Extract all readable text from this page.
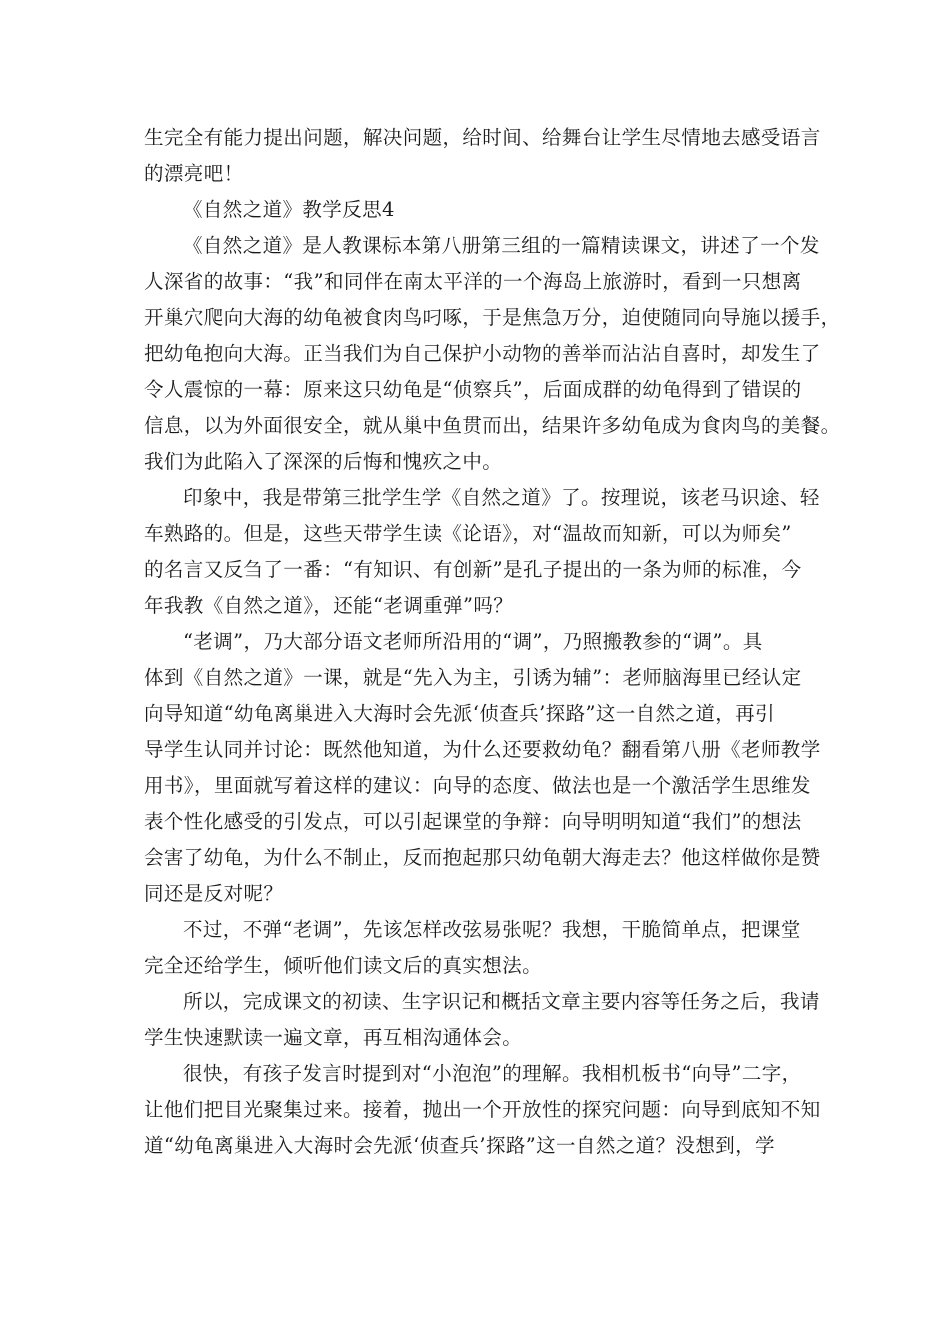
生完全有能力提出问题，解决问题，给时间、给舞台让学生尽情地去感受语言
的漂亮吧！
《自然之道》教学反思4
《自然之道》是人教课标本第八册第三组的一篇精读课文，讲述了一个发
人深省的故事：“我”和同伴在南太平洋的一个海岛上旅游时，看到一只想离
开巢穴爬向大海的幼龟被食肉鸟叼啄，于是焦急万分，迫使随同向导施以援手，
把幼龟抱向大海。正当我们为自己保护小动物的善举而沾沾自喜时，却发生了
令人震惊的一幕：原来这只幼龟是“侦察兵”，后面成群的幼龟得到了错误的
信息，以为外面很安全，就从巢中鱼贯而出，结果许多幼龟成为食肉鸟的美餐。
我们为此陷入了深深的后悔和愧疚之中。
印象中，我是带第三批学生学《自然之道》了。按理说，该老马识途、轻
车熟路的。但是，这些天带学生读《论语》，对“温故而知新，可以为师矣”
的名言又反刍了一番：“有知识、有创新”是孔子提出的一条为师的标准，今
年我教《自然之道》，还能“老调重弹”吗？
“老调”，乃大部分语文老师所沿用的“调”，乃照搬教参的“调”。具
体到《自然之道》一课，就是“先入为主，引诱为辅”：老师脑海里已经认定
向导知道“幼龟离巢进入大海时会先派‘侦查兵’探路”这一自然之道，再引
导学生认同并讨论：既然他知道，为什么还要救幼龟？翻看第八册《老师教学
用书》，里面就写着这样的建议：向导的态度、做法也是一个激活学生思维发
表个性化感受的引发点，可以引起课堂的争辩：向导明明知道“我们”的想法
会害了幼龟，为什么不制止，反而抱起那只幼龟朝大海走去？他这样做你是赞
同还是反对呢？
不过，不弹“老调”，先该怎样改弦易张呢？我想，干脆简单点，把课堂
完全还给学生，倾听他们读文后的真实想法。
所以，完成课文的初读、生字识记和概括文章主要内容等任务之后，我请
学生快速默读一遍文章，再互相沟通体会。
很快，有孩子发言时提到对“小泡泡”的理解。我相机板书“向导”二字，
让他们把目光聚集过来。接着，抛出一个开放性的探究问题：向导到底知不知
道“幼龟离巢进入大海时会先派‘侦查兵’探路”这一自然之道？没想到，学
